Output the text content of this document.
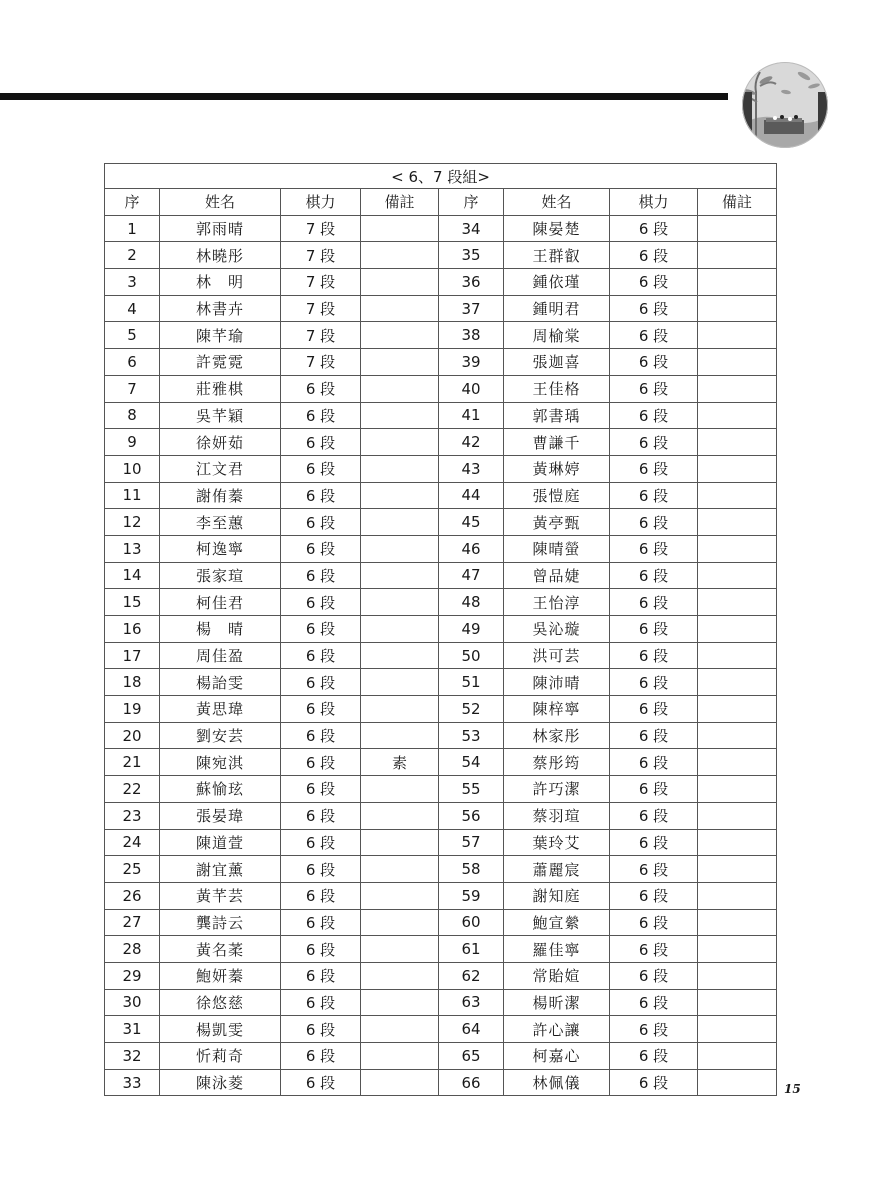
< 6、7 段組>							
序	姓名	棋力	備註	序	姓名	棋力	備註
1	郭雨晴	7 段		34	陳晏楚	6 段	
2	林曉彤	7 段		35	王群叡	6 段	
3	林　明	7 段		36	鍾依瑾	6 段	
4	林書卉	7 段		37	鍾明君	6 段	
5	陳芊瑜	7 段		38	周榆棠	6 段	
6	許霓霓	7 段		39	張迦喜	6 段	
7	莊雅棋	6 段		40	王佳格	6 段	
8	吳芊穎	6 段		41	郭書瑀	6 段	
9	徐妍茹	6 段		42	曹謙千	6 段	
10	江文君	6 段		43	黃琳婷	6 段	
11	謝侑蓁	6 段		44	張愷庭	6 段	
12	李至蕙	6 段		45	黃亭甄	6 段	
13	柯逸寧	6 段		46	陳晴螢	6 段	
14	張家瑄	6 段		47	曾品婕	6 段	
15	柯佳君	6 段		48	王怡淳	6 段	
16	楊　晴	6 段		49	吳沁璇	6 段	
17	周佳盈	6 段		50	洪可芸	6 段	
18	楊詒雯	6 段		51	陳沛晴	6 段	
19	黃思瑋	6 段		52	陳梓寧	6 段	
20	劉安芸	6 段		53	林家彤	6 段	
21	陳宛淇	6 段	素	54	蔡彤筠	6 段	
22	蘇愉玹	6 段		55	許巧潔	6 段	
23	張晏瑋	6 段		56	蔡羽瑄	6 段	
24	陳道萱	6 段		57	葉玲艾	6 段	
25	謝宜薰	6 段		58	蕭麗宸	6 段	
26	黃芊芸	6 段		59	謝知庭	6 段	
27	龔詩云	6 段		60	鮑宣縈	6 段	
28	黃名葇	6 段		61	羅佳寧	6 段	
29	鮑妍蓁	6 段		62	常貽媗	6 段	
30	徐悠慈	6 段		63	楊昕潔	6 段	
31	楊凱雯	6 段		64	許心讓	6 段	
32	忻莉奇	6 段		65	柯嘉心	6 段	
33	陳泳菱	6 段		66	林佩儀	6 段		15
